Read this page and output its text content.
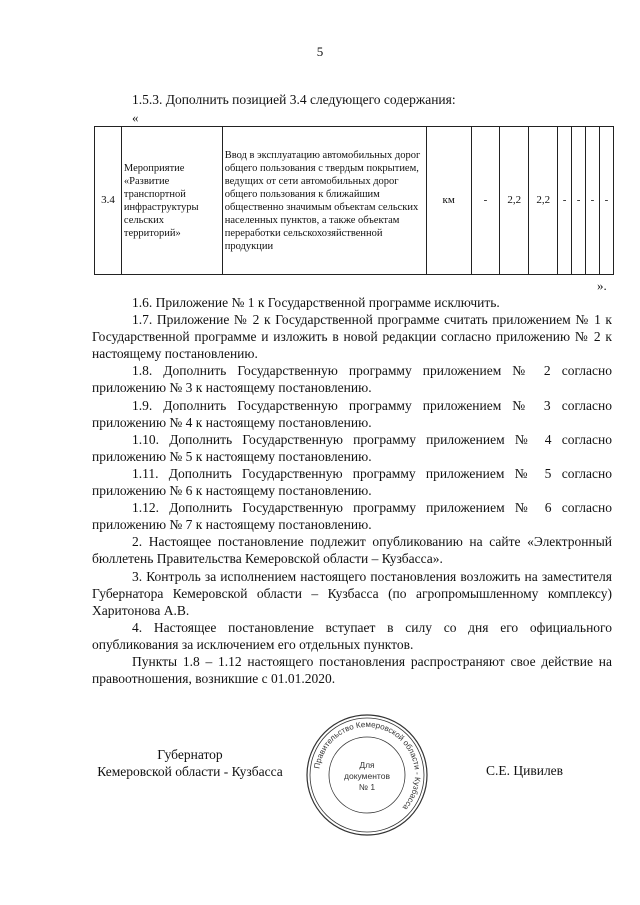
5
1.5.3. Дополнить позицией 3.4 следующего содержания:
«
3.4	Мероприятие «Развитие транспортной инфраструктуры сельских территорий»	Ввод в эксплуатацию автомобильных дорог общего пользования с твердым покрытием, ведущих от сети автомобильных дорог общего пользования к ближайшим общественно значимым объектам сельских населенных пунктов, а также объектам переработки сельскохозяйственной продукции	км	-	2,2	2,2	-	-	-	-
».

1.6. Приложение № 1 к Государственной программе исключить.

1.7. Приложение № 2 к Государственной программе считать приложением № 1 к Государственной программе и изложить в новой редакции согласно приложению № 2 к настоящему постановлению.

1.8. Дополнить Государственную программу приложением № 2 согласно приложению № 3 к настоящему постановлению.

1.9. Дополнить Государственную программу приложением № 3 согласно приложению № 4 к настоящему постановлению.

1.10. Дополнить Государственную программу приложением № 4 согласно приложению № 5 к настоящему постановлению.

1.11. Дополнить Государственную программу приложением № 5 согласно приложению № 6 к настоящему постановлению.

1.12. Дополнить Государственную программу приложением № 6 согласно приложению № 7 к настоящему постановлению.

2. Настоящее постановление подлежит опубликованию на сайте «Электронный бюллетень Правительства Кемеровской области – Кузбасса».

3. Контроль за исполнением настоящего постановления возложить на заместителя Губернатора Кемеровской области – Кузбасса (по агропромышленному комплексу) Харитонова А.В.

4. Настоящее постановление вступает в силу со дня его официального опубликования за исключением его отдельных пунктов.

Пункты 1.8 – 1.12 настоящего постановления распространяют свое действие на правоотношения, возникшие с 01.01.2020.

Губернатор
Кемеровской области - Кузбасса	Правительство Кемеровской области - Кузбасса
Для
документов
№ 1
С.Е. Цивилев
